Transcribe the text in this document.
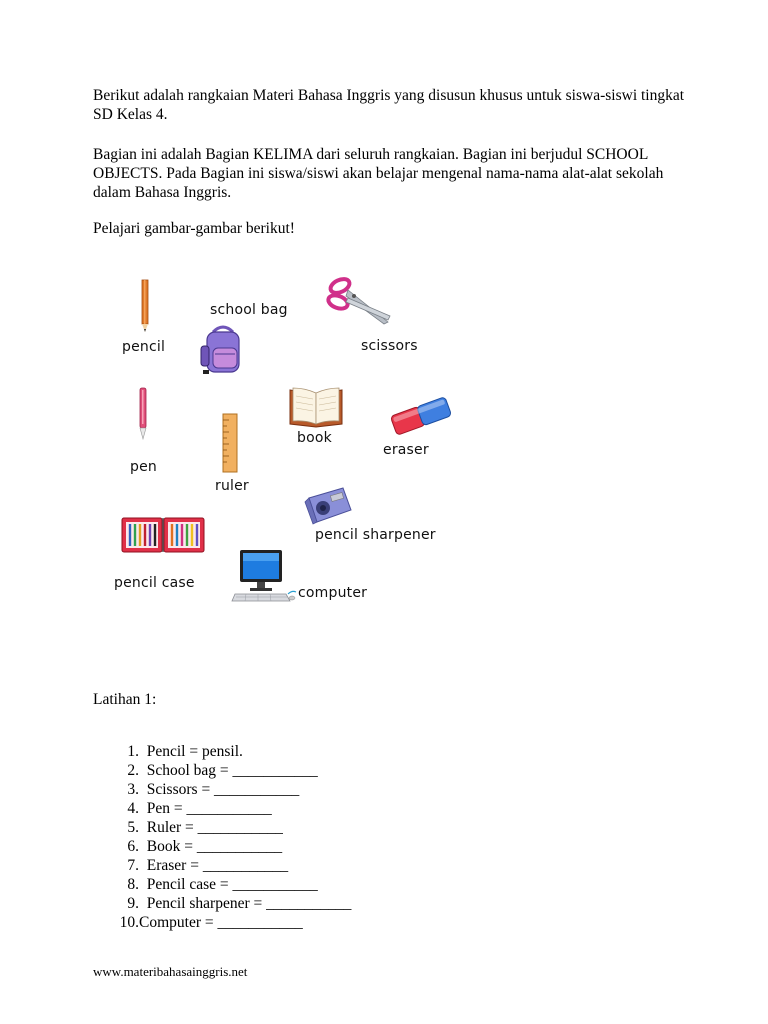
Berikut adalah rangkaian Materi Bahasa Inggris yang disusun khusus untuk siswa-siswi tingkat SD Kelas 4.

Bagian ini adalah Bagian KELIMA dari seluruh rangkaian. Bagian ini berjudul SCHOOL OBJECTS. Pada Bagian ini siswa/siswi akan belajar mengenal nama-nama alat-alat sekolah dalam Bahasa Inggris.

Pelajari gambar-gambar berikut!

pencil
school bag
scissors
pen
ruler
book
eraser
pencil sharpener
pencil case
computer
Latihan 1:
1. Pencil = pensil.
2. School bag = ___________
3. Scissors = ___________
4. Pen = ___________
5. Ruler = ___________
6. Book = ___________
7. Eraser = ___________
8. Pencil case = ___________
9. Pencil sharpener = ___________
10.Computer = ___________
www.materibahasainggris.net
